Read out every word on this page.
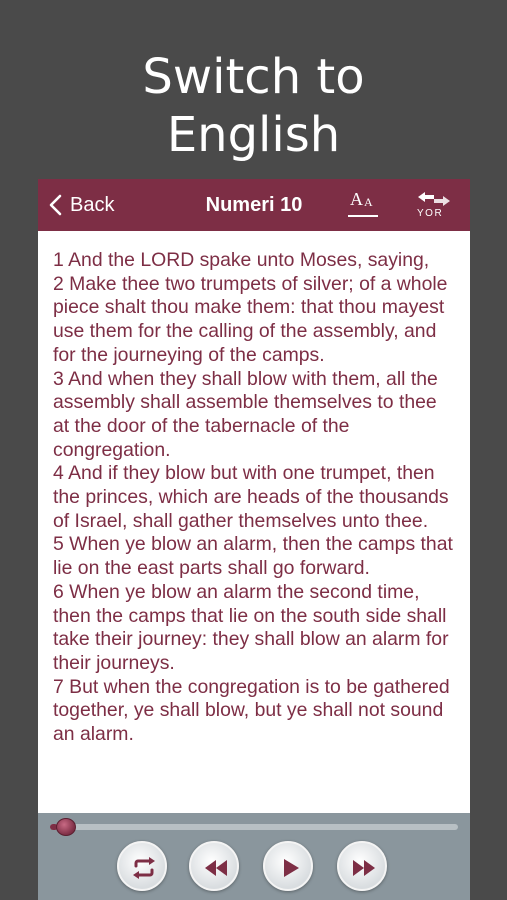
Switch to
English
Back	Numeri 10	A A
YOR
1 And the LORD spake unto Moses, saying,
2 Make thee two trumpets of silver; of a whole piece shalt thou make them: that thou mayest use them for the calling of the assembly, and for the journeying of the camps.
3 And when they shall blow with them, all the assembly shall assemble themselves to thee at the door of the tabernacle of the congregation.
4 And if they blow but with one trumpet, then the princes, which are heads of the thousands of Israel, shall gather themselves unto thee.
5 When ye blow an alarm, then the camps that lie on the east parts shall go forward.
6 When ye blow an alarm the second time, then the camps that lie on the south side shall take their journey: they shall blow an alarm for their journeys.
7 But when the congregation is to be gathered together, ye shall blow, but ye shall not sound an alarm.
